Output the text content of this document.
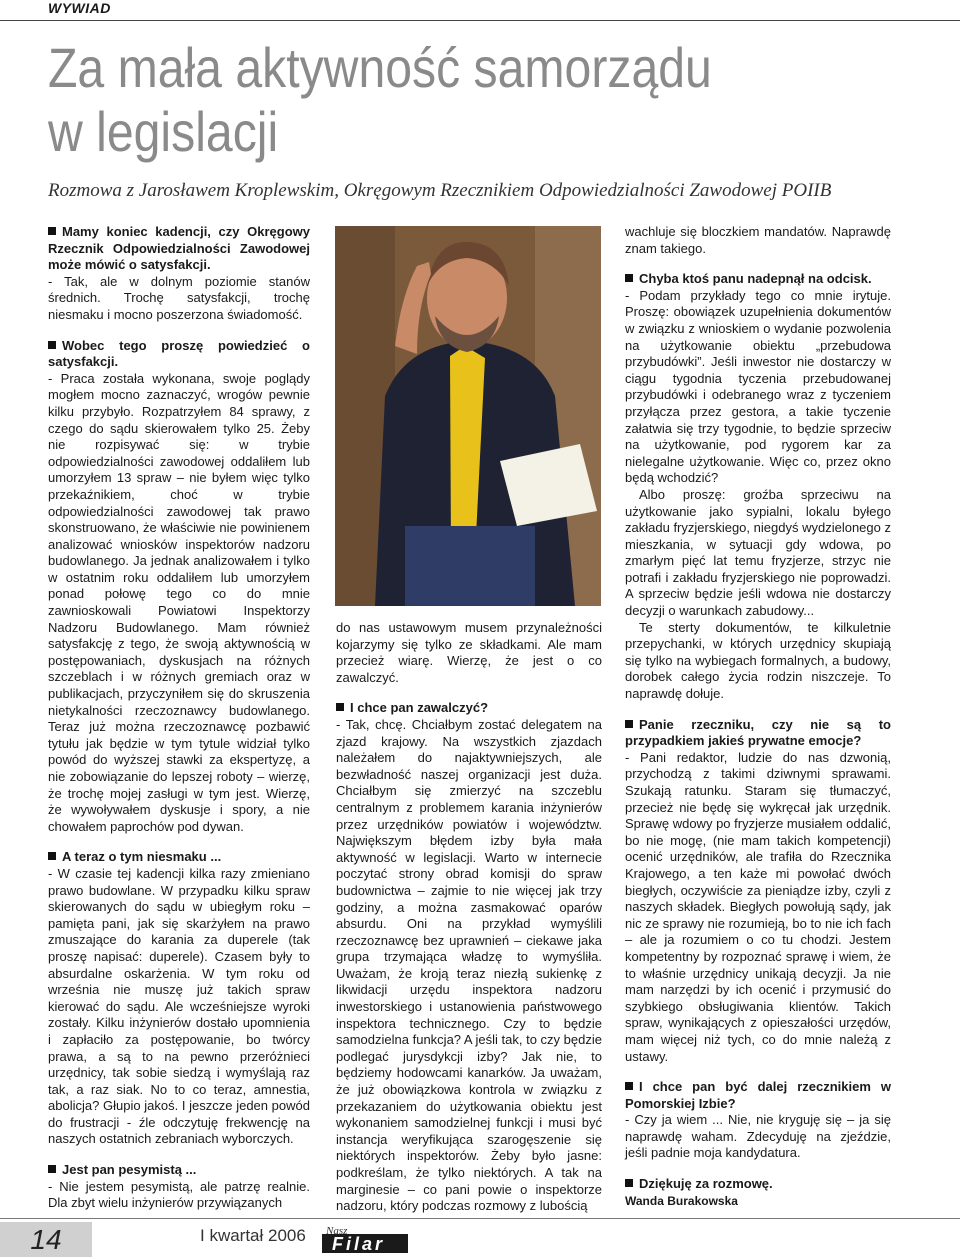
WYWIAD
Za mała aktywność samorządu
w legislacji
Rozmowa z Jarosławem Kroplewskim, Okręgowym Rzecznikiem Odpowiedzialności Zawodowej POIIB

Mamy koniec kadencji, czy Okręgowy Rzecznik Odpowiedzialności Zawodowej może mówić o satysfakcji.

- Tak, ale w dolnym poziomie stanów średnich. Trochę satysfakcji, trochę niesmaku i mocno poszerzona świadomość.

Wobec tego proszę powiedzieć o satysfakcji.

- Praca została wykonana, swoje poglądy mogłem mocno zaznaczyć, wrogów pewnie kilku przybyło. Rozpatrzyłem 84 sprawy, z czego do sądu skierowałem tylko 25. Żeby nie rozpisywać się: w trybie odpowiedzialności zawodowej oddaliłem lub umorzyłem 13 spraw – nie byłem więc tylko przekaźnikiem, choć w trybie odpowiedzialności zawodowej tak prawo skonstruowano, że właściwie nie powinienem analizować wniosków inspektorów nadzoru budowlanego. Ja jednak analizowałem i tylko w ostatnim roku oddaliłem lub umorzyłem ponad połowę tego co do mnie zawnioskowali Powiatowi Inspektorzy Nadzoru Budowlanego. Mam również satysfakcję z tego, że swoją aktywnością w postępowaniach, dyskusjach na różnych szczeblach i w różnych gremiach oraz w publikacjach, przyczyniłem się do skruszenia nietykalności rzeczoznawcy budowlanego. Teraz już można rzeczoznawcę pozbawić tytułu jak będzie w tym tytule widział tylko powód do wyższej stawki za ekspertyzę, a nie zobowiązanie do lepszej roboty – wierzę, że trochę mojej zasługi w tym jest. Wierzę, że wywoływałem dyskusje i spory, a nie chowałem paprochów pod dywan.

A teraz o tym niesmaku ...

- W czasie tej kadencji kilka razy zmieniano prawo budowlane. W przypadku kilku spraw skierowanych do sądu w ubiegłym roku – pamięta pani, jak się skarżyłem na prawo zmuszające do karania za duperele (tak proszę napisać: duperele). Czasem były to absurdalne oskarżenia. W tym roku od września nie muszę już takich spraw kierować do sądu. Ale wcześniejsze wyroki zostały. Kilku inżynierów dostało upomnienia i zapłaciło za postępowanie, bo twórcy prawa, a są to na pewno przeróżnieci urzędnicy, tak sobie siedzą i wymyślają raz tak, a raz siak. No to co teraz, amnestia, abolicja? Głupio jakoś. I jeszcze jeden powód do frustracji - źle odczytuję frekwencję na naszych ostatnich zebraniach wyborczych.

Jest pan pesymistą ...

- Nie jestem pesymistą, ale patrzę realnie. Dla zbyt wielu inżynierów przywiązanych

do nas ustawowym musem przynależności kojarzymy się tylko ze składkami. Ale mam przecież wiarę. Wierzę, że jest o co zawalczyć.

I chce pan zawalczyć?

- Tak, chcę. Chciałbym zostać delegatem na zjazd krajowy. Na wszystkich zjazdach należałem do najaktywniejszych, ale bezwładność naszej organizacji jest duża. Chciałbym się zmierzyć na szczeblu centralnym z problemem karania inżynierów przez urzędników powiatów i województw. Największym błędem izby była mała aktywność w legislacji. Warto w internecie poczytać strony obrad komisji do spraw budownictwa – zajmie to nie więcej jak trzy godziny, a można zasmakować oparów absurdu. Oni na przykład wymyślili rzeczoznawcę bez uprawnień – ciekawe jaka grupa trzymająca władzę to wymyśliła. Uważam, że kroją teraz niezłą sukienkę z likwidacji urzędu inspektora nadzoru inwestorskiego i ustanowienia państwowego inspektora technicznego. Czy to będzie samodzielna funkcja? A jeśli tak, to czy będzie podlegać jurysdykcji izby? Jak nie, to będziemy hodowcami kanarków. Ja uważam, że już obowiązkowa kontrola w związku z przekazaniem do użytkowania obiektu jest wykonaniem samodzielnej funkcji i musi być instancja weryfikująca szarogęszenie się niektórych inspektorów. Żeby było jasne: podkreślam, że tylko niektórych. A tak na marginesie – co pani powie o inspektorze nadzoru, który podczas rozmowy z lubością

wachluje się bloczkiem mandatów. Naprawdę znam takiego.

Chyba ktoś panu nadepnął na odcisk.

- Podam przykłady tego co mnie irytuje. Proszę: obowiązek uzupełnienia dokumentów w związku z wnioskiem o wydanie pozwolenia na użytkowanie obiektu „przebudowa przybudówki”. Jeśli inwestor nie dostarczy w ciągu tygodnia tyczenia przebudowanej przybudówki i odebranego wraz z tyczeniem przyłącza przez gestora, a takie tyczenie załatwia się trzy tygodnie, to będzie sprzeciw na użytkowanie, pod rygorem kar za nielegalne użytkowanie. Więc co, przez okno będą wchodzić?

Albo proszę: groźba sprzeciwu na użytkowanie jako sypialni, lokalu byłego zakładu fryzjerskiego, niegdyś wydzielonego z mieszkania, w sytuacji gdy wdowa, po zmarłym pięć lat temu fryzjerze, strzyc nie potrafi i zakładu fryzjerskiego nie poprowadzi. A sprzeciw będzie jeśli wdowa nie dostarczy decyzji o warunkach zabudowy...

Te sterty dokumentów, te kilkuletnie przepychanki, w których urzędnicy skupiają się tylko na wybiegach formalnych, a budowy, dorobek całego życia rodzin niszczeje. To naprawdę dołuje.

Panie rzeczniku, czy nie są to przypadkiem jakieś prywatne emocje?

- Pani redaktor, ludzie do nas dzwonią, przychodzą z takimi dziwnymi sprawami. Szukają ratunku. Staram się tłumaczyć, przecież nie będę się wykręcał jak urzędnik. Sprawę wdowy po fryzjerze musiałem oddalić, bo nie mogę, (nie mam takich kompetencji) ocenić urzędników, ale trafiła do Rzecznika Krajowego, a ten każe mi powołać dwóch biegłych, oczywiście za pieniądze izby, czyli z naszych składek. Biegłych powołują sądy, jak nic ze sprawy nie rozumieją, bo to nie ich fach – ale ja rozumiem o co tu chodzi. Jestem kompetentny by rozpoznać sprawę i wiem, że to właśnie urzędnicy unikają decyzji. Ja nie mam narzędzi by ich ocenić i przymusić do szybkiego obsługiwania klientów. Takich spraw, wynikających z opieszałości urzędów, mam więcej niż tych, co do mnie należą z ustawy.

I chce pan być dalej rzecznikiem w Pomorskiej Izbie?

- Czy ja wiem ... Nie, nie kryguję się – ja się naprawdę waham. Zdecyduję na zjeździe, jeśli padnie moja kandydatura.

Dziękuję za rozmowę.

Wanda Burakowska

14	I kwartał 2006 Nasz
Filar
